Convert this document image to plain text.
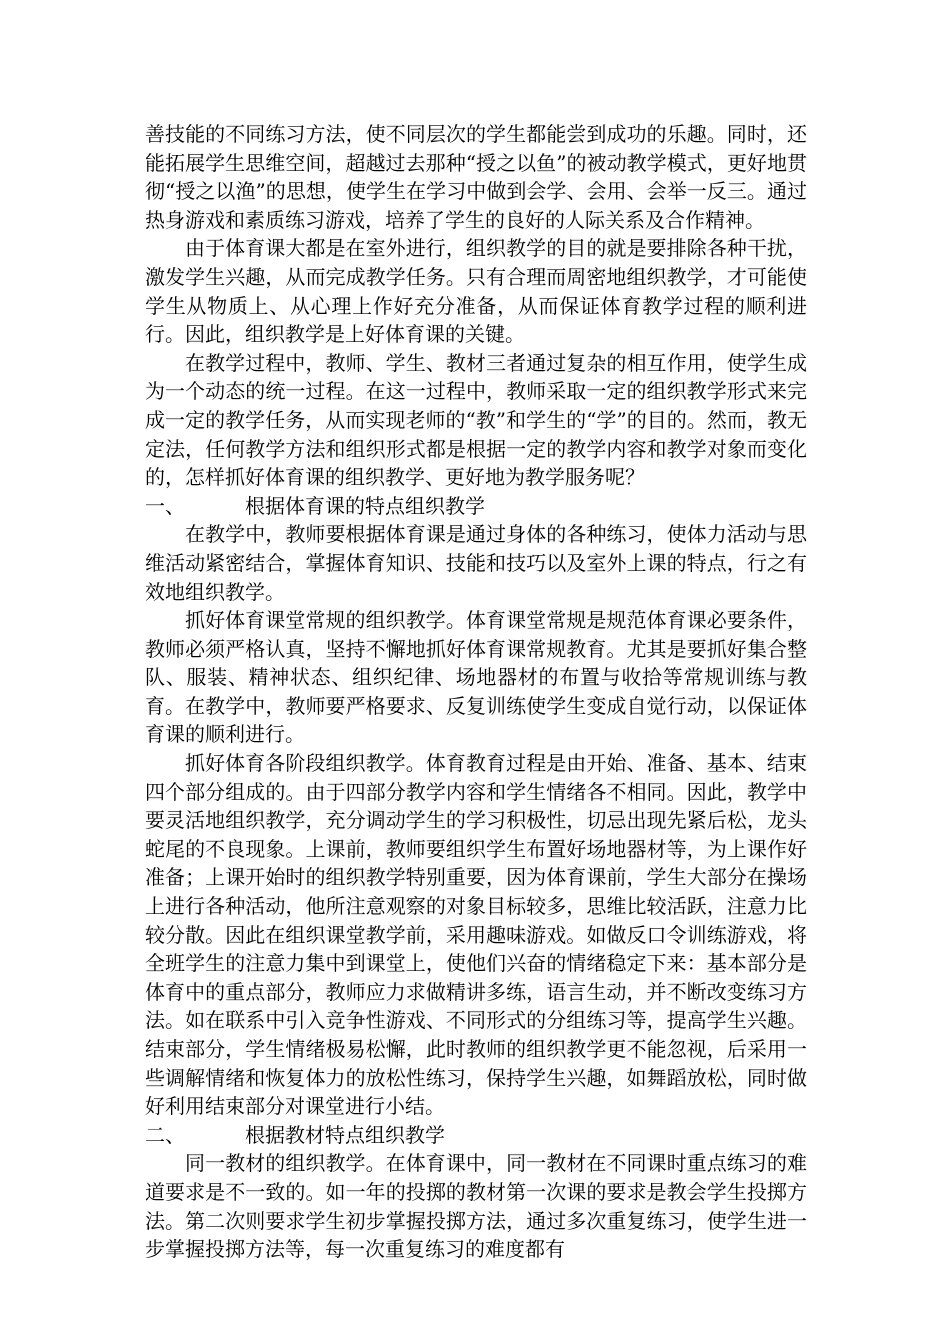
善技能的不同练习方法，使不同层次的学生都能尝到成功的乐趣。同时，还能拓展学生思维空间，超越过去那种“授之以鱼”的被动教学模式，更好地贯彻“授之以渔”的思想，使学生在学习中做到会学、会用、会举一反三。通过热身游戏和素质练习游戏，培养了学生的良好的人际关系及合作精神。

由于体育课大都是在室外进行，组织教学的目的就是要排除各种干扰，激发学生兴趣，从而完成教学任务。只有合理而周密地组织教学，才可能使学生从物质上、从心理上作好充分准备，从而保证体育教学过程的顺利进行。因此，组织教学是上好体育课的关键。

在教学过程中，教师、学生、教材三者通过复杂的相互作用，使学生成为一个动态的统一过程。在这一过程中，教师采取一定的组织教学形式来完成一定的教学任务，从而实现老师的“教”和学生的“学”的目的。然而，教无定法，任何教学方法和组织形式都是根据一定的教学内容和教学对象而变化的，怎样抓好体育课的组织教学、更好地为教学服务呢？

一、	根据体育课的特点组织教学

在教学中，教师要根据体育课是通过身体的各种练习，使体力活动与思维活动紧密结合，掌握体育知识、技能和技巧以及室外上课的特点，行之有效地组织教学。

抓好体育课堂常规的组织教学。体育课堂常规是规范体育课必要条件，教师必须严格认真，坚持不懈地抓好体育课常规教育。尤其是要抓好集合整队、服装、精神状态、组织纪律、场地器材的布置与收拾等常规训练与教育。在教学中，教师要严格要求、反复训练使学生变成自觉行动，以保证体育课的顺利进行。

抓好体育各阶段组织教学。体育教育过程是由开始、准备、基本、结束四个部分组成的。由于四部分教学内容和学生情绪各不相同。因此，教学中要灵活地组织教学，充分调动学生的学习积极性，切忌出现先紧后松，龙头蛇尾的不良现象。上课前，教师要组织学生布置好场地器材等，为上课作好准备；上课开始时的组织教学特别重要，因为体育课前，学生大部分在操场上进行各种活动，他所注意观察的对象目标较多，思维比较活跃，注意力比较分散。因此在组织课堂教学前，采用趣味游戏。如做反口令训练游戏，将全班学生的注意力集中到课堂上，使他们兴奋的情绪稳定下来：基本部分是体育中的重点部分，教师应力求做精讲多练，语言生动，并不断改变练习方法。如在联系中引入竞争性游戏、不同形式的分组练习等，提高学生兴趣。结束部分，学生情绪极易松懈，此时教师的组织教学更不能忽视，后采用一些调解情绪和恢复体力的放松性练习，保持学生兴趣，如舞蹈放松，同时做好利用结束部分对课堂进行小结。

二、	根据教材特点组织教学

同一教材的组织教学。在体育课中，同一教材在不同课时重点练习的难道要求是不一致的。如一年的投掷的教材第一次课的要求是教会学生投掷方法。第二次则要求学生初步掌握投掷方法，通过多次重复练习，使学生进一步掌握投掷方法等，每一次重复练习的难度都有
